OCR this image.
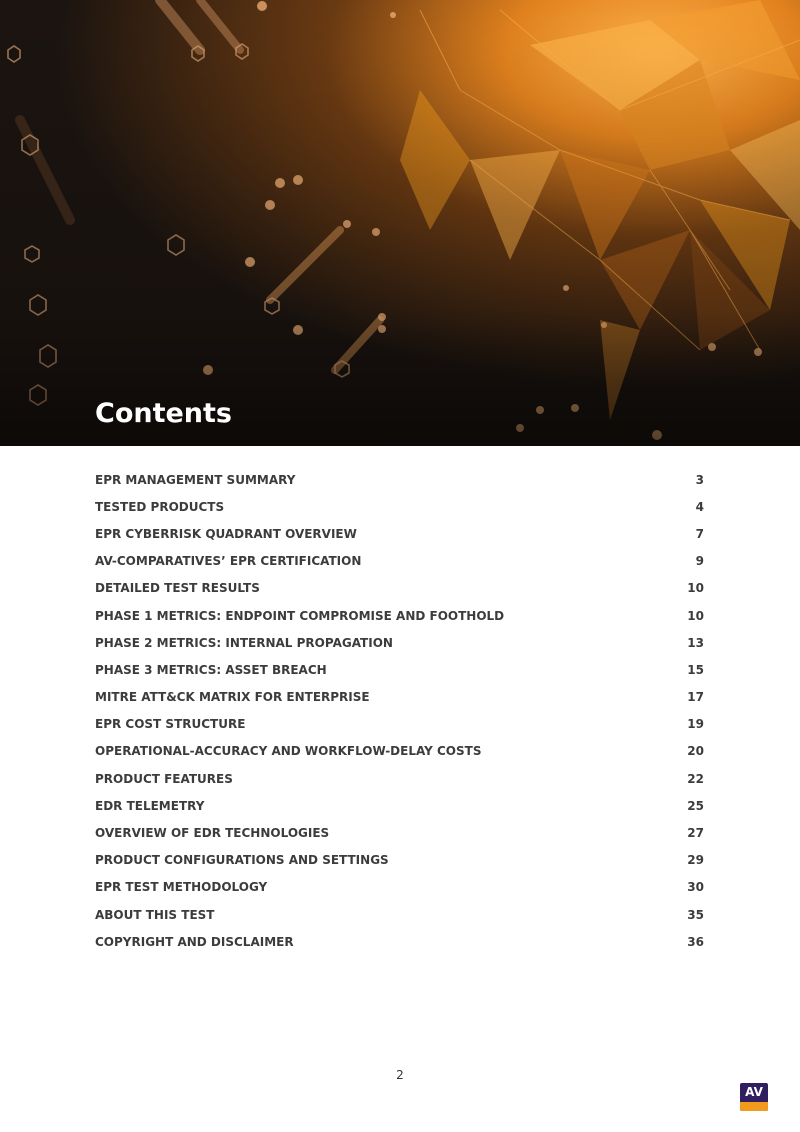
Contents
EPR MANAGEMENT SUMMARY	3
TESTED PRODUCTS	4
EPR CYBERRISK QUADRANT OVERVIEW	7
AV-COMPARATIVES’ EPR CERTIFICATION	9
DETAILED TEST RESULTS	10
PHASE 1 METRICS: ENDPOINT COMPROMISE AND FOOTHOLD	10
PHASE 2 METRICS: INTERNAL PROPAGATION	13
PHASE 3 METRICS: ASSET BREACH	15
MITRE ATT&CK MATRIX FOR ENTERPRISE	17
EPR COST STRUCTURE	19
OPERATIONAL-ACCURACY AND WORKFLOW-DELAY COSTS	20
PRODUCT FEATURES	22
EDR TELEMETRY	25
OVERVIEW OF EDR TECHNOLOGIES	27
PRODUCT CONFIGURATIONS AND SETTINGS	29
EPR TEST METHODOLOGY	30
ABOUT THIS TEST	35
COPYRIGHT AND DISCLAIMER	36
2
AV
